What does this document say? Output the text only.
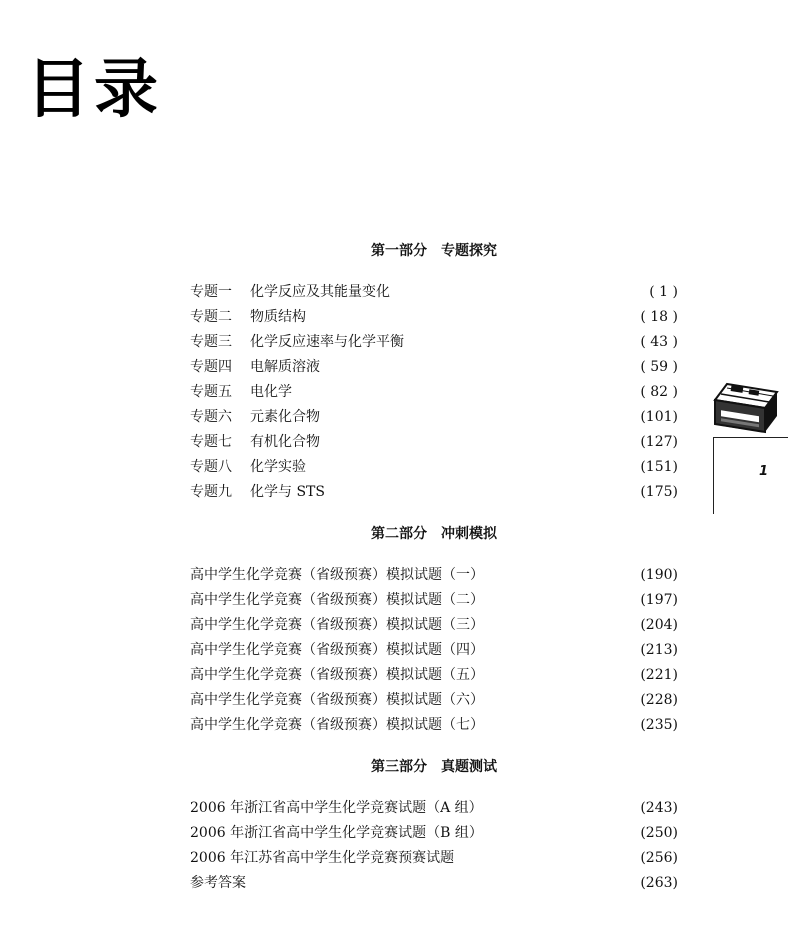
目录
第一部分　专题探究
专题一	化学反应及其能量变化	( 1 )
专题二	物质结构	( 18 )
专题三	化学反应速率与化学平衡	( 43 )
专题四	电解质溶液	( 59 )
专题五	电化学	( 82 )
专题六	元素化合物	(101)
专题七	有机化合物	(127)
专题八	化学实验	(151)
专题九	化学与 STS	(175)
第二部分　冲刺模拟
高中学生化学竞赛（省级预赛）模拟试题（一）	(190)
高中学生化学竞赛（省级预赛）模拟试题（二）	(197)
高中学生化学竞赛（省级预赛）模拟试题（三）	(204)
高中学生化学竞赛（省级预赛）模拟试题（四）	(213)
高中学生化学竞赛（省级预赛）模拟试题（五）	(221)
高中学生化学竞赛（省级预赛）模拟试题（六）	(228)
高中学生化学竞赛（省级预赛）模拟试题（七）	(235)
第三部分　真题测试
2006 年浙江省高中学生化学竞赛试题（A 组）	(243)
2006 年浙江省高中学生化学竞赛试题（B 组）	(250)
2006 年江苏省高中学生化学竞赛预赛试题	(256)
参考答案	(263)
1
